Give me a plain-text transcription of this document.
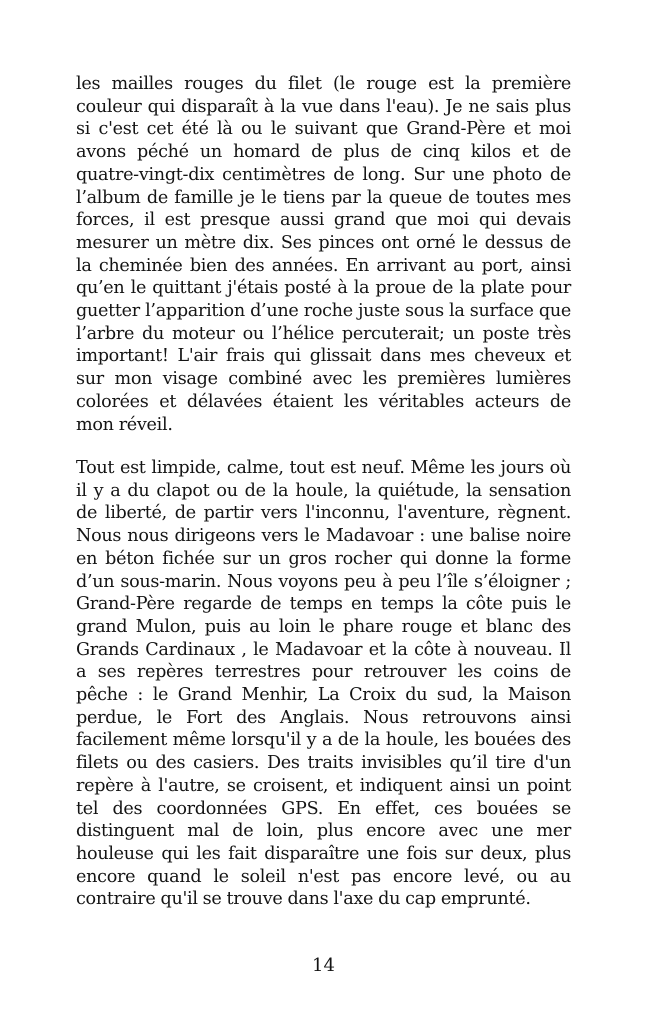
les mailles rouges du filet (le rouge est la première couleur qui disparaît à la vue dans l'eau). Je ne sais plus si c'est cet été là ou le suivant que Grand-Père et moi avons péché un homard de plus de cinq kilos et de quatre-vingt-dix centimètres de long. Sur une photo de l’album de famille je le tiens par la queue de toutes mes forces, il est presque aussi grand que moi qui devais mesurer un mètre dix. Ses pinces ont orné le dessus de la cheminée bien des années. En arrivant au port, ainsi qu’en le quittant j'étais posté à la proue de la plate pour guetter l’apparition d’une roche juste sous la surface que l’arbre du moteur ou l’hélice percuterait; un poste très important! L'air frais qui glissait dans mes cheveux et sur mon visage combiné avec les premières lumières colorées et délavées étaient les véritables acteurs de mon réveil.

Tout est limpide, calme, tout est neuf. Même les jours où il y a du clapot ou de la houle, la quiétude, la sensation de liberté, de partir vers l'inconnu, l'aventure, règnent. Nous nous dirigeons vers le Madavoar : une balise noire en béton fichée sur un gros rocher qui donne la forme d’un sous-marin. Nous voyons peu à peu l’île s’éloigner ; Grand-Père regarde de temps en temps la côte puis le grand Mulon, puis au loin le phare rouge et blanc des Grands Cardinaux , le Madavoar et la côte à nouveau. Il a ses repères terrestres pour retrouver les coins de pêche : le Grand Menhir, La Croix du sud, la Maison perdue, le Fort des Anglais. Nous retrouvons ainsi facilement même lorsqu'il y a de la houle, les bouées des filets ou des casiers. Des traits invisibles qu’il tire d'un repère à l'autre, se croisent, et indiquent ainsi un point tel des coordonnées GPS. En effet, ces bouées se distinguent mal de loin, plus encore avec une mer houleuse qui les fait disparaître une fois sur deux, plus encore quand le soleil n'est pas encore levé, ou au contraire qu'il se trouve dans l'axe du cap emprunté.

14
